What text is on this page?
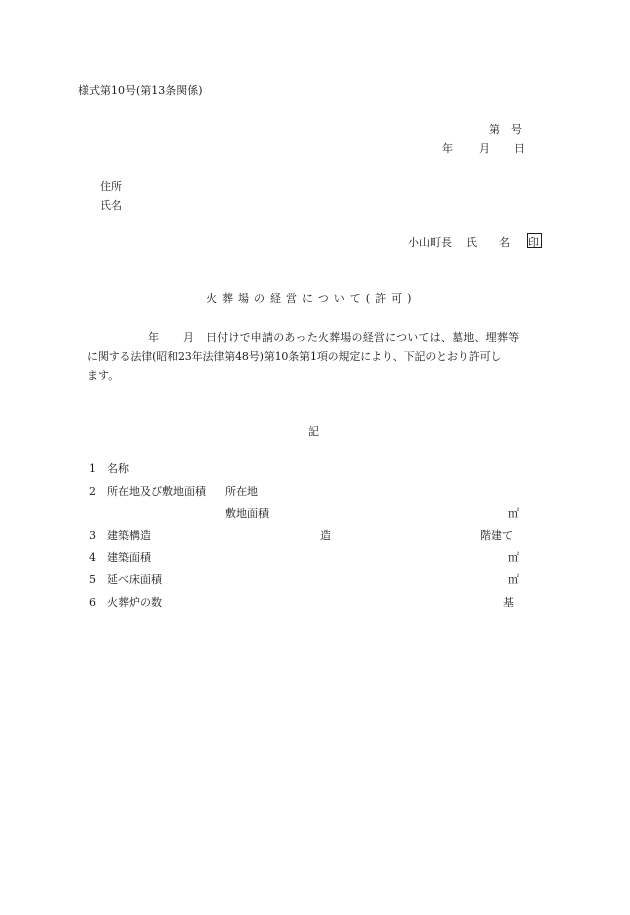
様式第10号(第13条関係)
第　号
年 月 日
住所
氏名
小山町長 氏　　名 印
火葬場の経営について(許可)
年 月 日付けで申請のあった火葬場の経営については、墓地、埋葬等
に関する法律(昭和23年法律第48号)第10条第1項の規定により、下記のとおり許可し
ます。
記
1 名称
2 所在地及び敷地面積 所在地
敷地面積	㎡
3 建築構造	造	階建て
4 建築面積	㎡
5 延べ床面積	㎡
6 火葬炉の数	基
